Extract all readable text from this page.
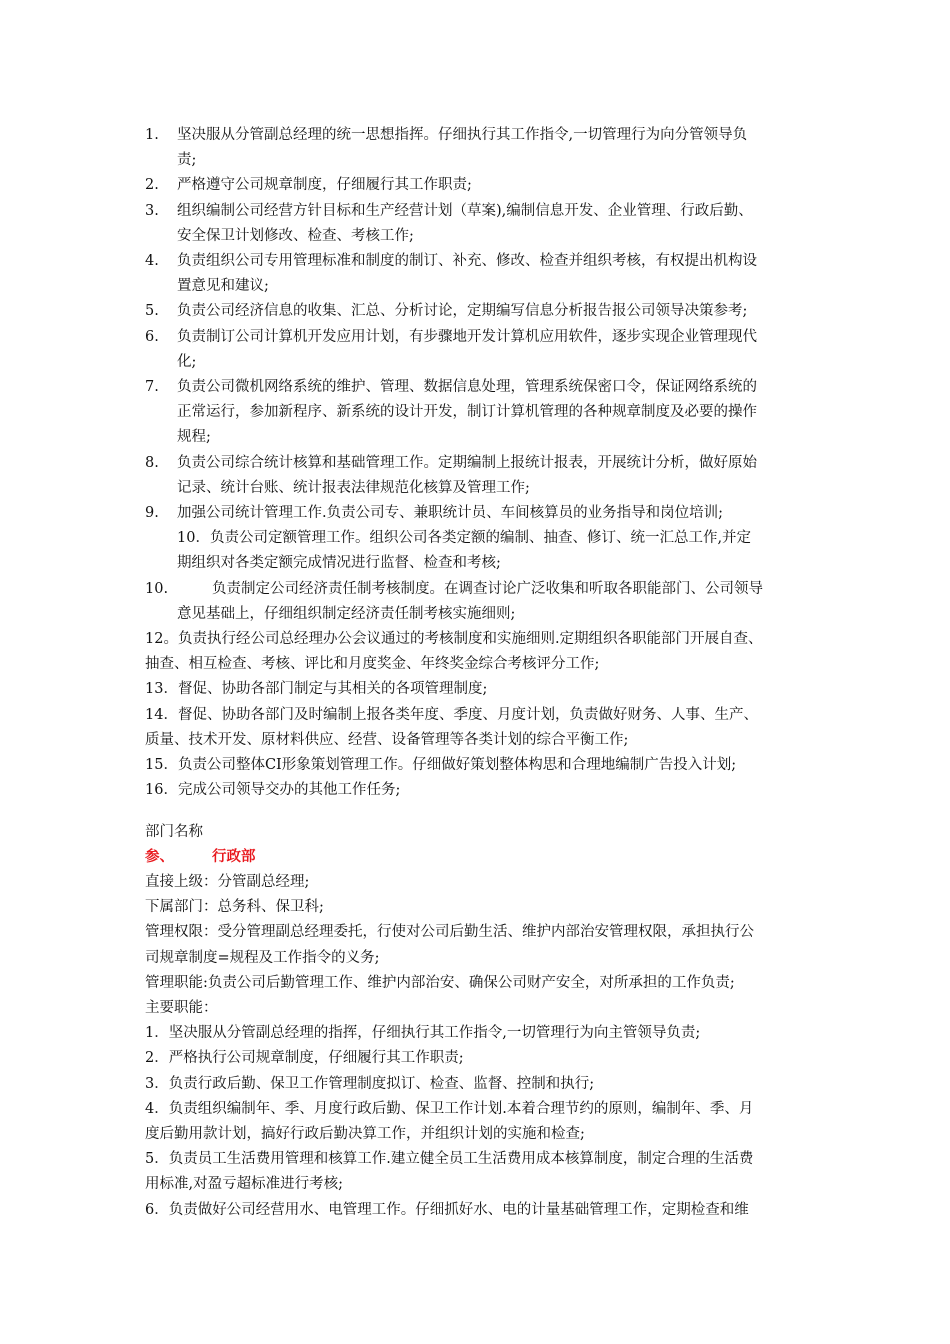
1. 坚决服从分管副总经理的统一思想指挥。仔细执行其工作指令,一切管理行为向分管领导负
责;
2. 严格遵守公司规章制度，仔细履行其工作职责;
3. 组织编制公司经营方针目标和生产经营计划（草案),编制信息开发、企业管理、行政后勤、
安全保卫计划修改、检查、考核工作;
4. 负责组织公司专用管理标准和制度的制订、补充、修改、检查并组织考核，有权提出机构设
置意见和建议;
5. 负责公司经济信息的收集、汇总、分析讨论，定期编写信息分析报告报公司领导决策参考;
6. 负责制订公司计算机开发应用计划，有步骤地开发计算机应用软件，逐步实现企业管理现代
化;
7. 负责公司微机网络系统的维护、管理、数据信息处理，管理系统保密口令，保证网络系统的
正常运行，参加新程序、新系统的设计开发，制订计算机管理的各种规章制度及必要的操作
规程;
8. 负责公司综合统计核算和基础管理工作。定期编制上报统计报表，开展统计分析，做好原始
记录、统计台账、统计报表法律规范化核算及管理工作;
9. 加强公司统计管理工作.负责公司专、兼职统计员、车间核算员的业务指导和岗位培训;
10．负责公司定额管理工作。组织公司各类定额的编制、抽查、修订、统一汇总工作,并定
期组织对各类定额完成情况进行监督、检查和考核;
10.	负责制定公司经济责任制考核制度。在调查讨论广泛收集和听取各职能部门、公司领导
意见基础上，仔细组织制定经济责任制考核实施细则;
12。负责执行经公司总经理办公会议通过的考核制度和实施细则.定期组织各职能部门开展自查、
抽查、相互检查、考核、评比和月度奖金、年终奖金综合考核评分工作;
13．督促、协助各部门制定与其相关的各项管理制度;
14．督促、协助各部门及时编制上报各类年度、季度、月度计划，负责做好财务、人事、生产、
质量、技术开发、原材料供应、经营、设备管理等各类计划的综合平衡工作;
15．负责公司整体CI形象策划管理工作。仔细做好策划整体构思和合理地编制广告投入计划;
16．完成公司领导交办的其他工作任务;
部门名称
参、	行政部
直接上级：分管副总经理;
下属部门：总务科、保卫科;
管理权限：受分管理副总经理委托，行使对公司后勤生活、维护内部治安管理权限，承担执行公
司规章制度=规程及工作指令的义务;
管理职能:负责公司后勤管理工作、维护内部治安、确保公司财产安全，对所承担的工作负责;
主要职能：
1．坚决服从分管副总经理的指挥，仔细执行其工作指令,一切管理行为向主管领导负责;
2．严格执行公司规章制度，仔细履行其工作职责;
3．负责行政后勤、保卫工作管理制度拟订、检查、监督、控制和执行;
4．负责组织编制年、季、月度行政后勤、保卫工作计划.本着合理节约的原则，编制年、季、月
度后勤用款计划，搞好行政后勤决算工作，并组织计划的实施和检查;
5．负责员工生活费用管理和核算工作.建立健全员工生活费用成本核算制度，制定合理的生活费
用标准,对盈亏超标准进行考核;
6．负责做好公司经营用水、电管理工作。仔细抓好水、电的计量基础管理工作，定期检查和维
